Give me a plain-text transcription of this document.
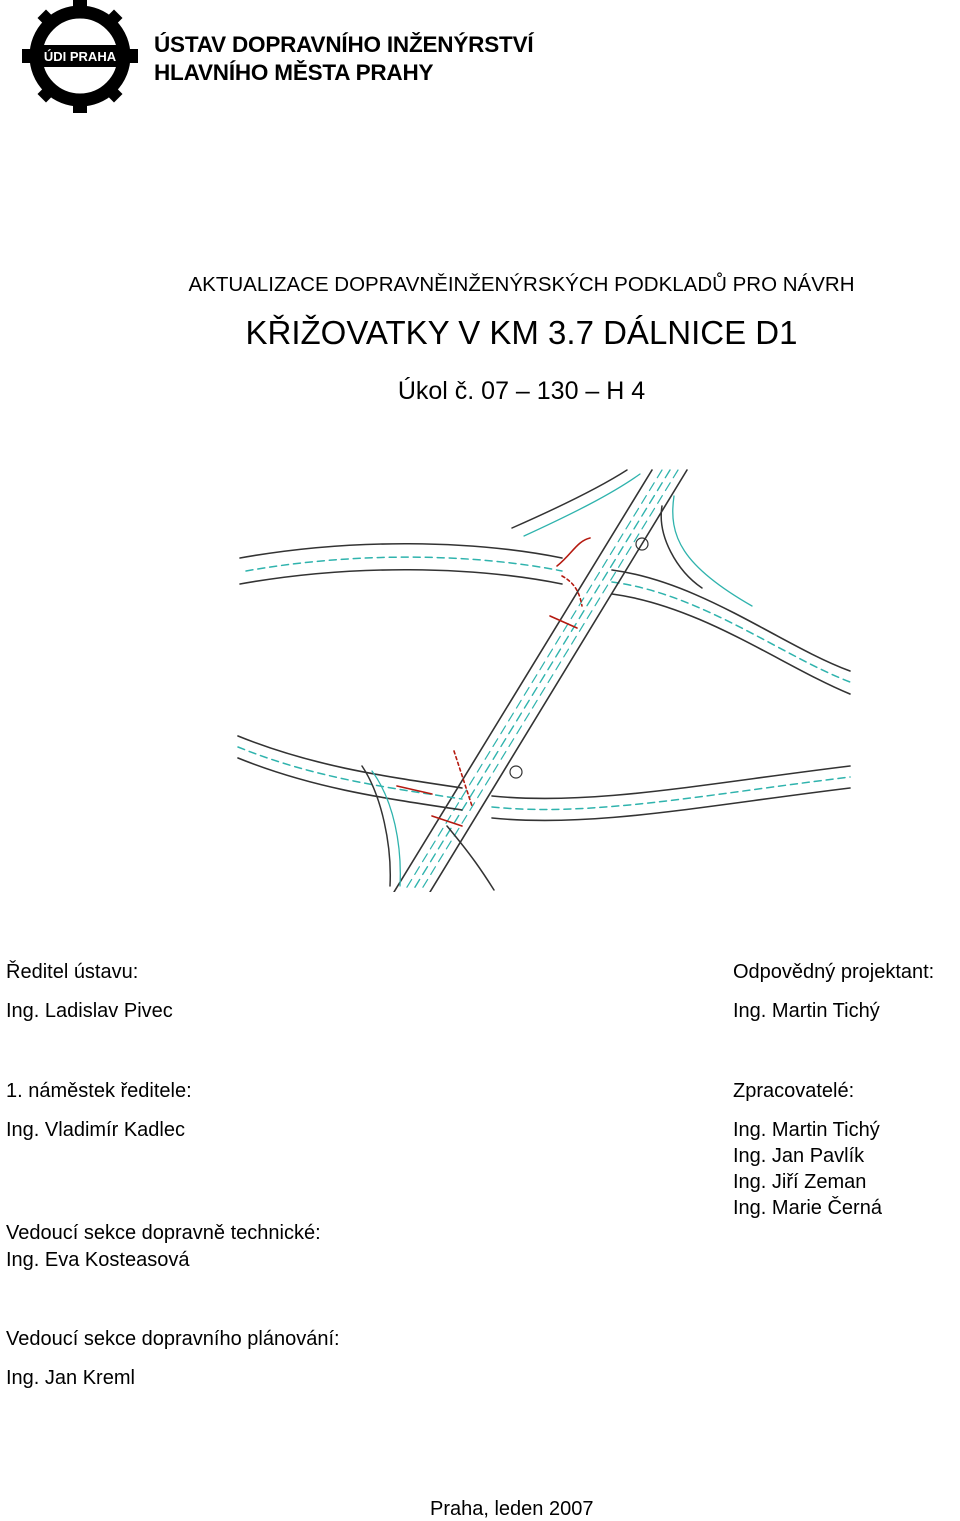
ÚDI PRAHA ÚSTAV DOPRAVNÍHO INŽENÝRSTVÍ
HLAVNÍHO MĚSTA PRAHY
AKTUALIZACE DOPRAVNĚINŽENÝRSKÝCH PODKLADŮ PRO NÁVRH
KŘIŽOVATKY V KM 3.7 DÁLNICE D1
Úkol č. 07 – 130 – H 4
Ředitel ústavu:
Ing. Ladislav Pivec
Odpovědný projektant:
Ing. Martin Tichý
1. náměstek ředitele:
Ing. Vladimír Kadlec
Zpracovatelé:
Ing. Martin Tichý
Ing. Jan Pavlík
Ing. Jiří Zeman
Ing. Marie Černá
Vedoucí sekce dopravně technické:
Ing. Eva Kosteasová
Vedoucí sekce dopravního plánování:
Ing. Jan Kreml
Praha, leden 2007
